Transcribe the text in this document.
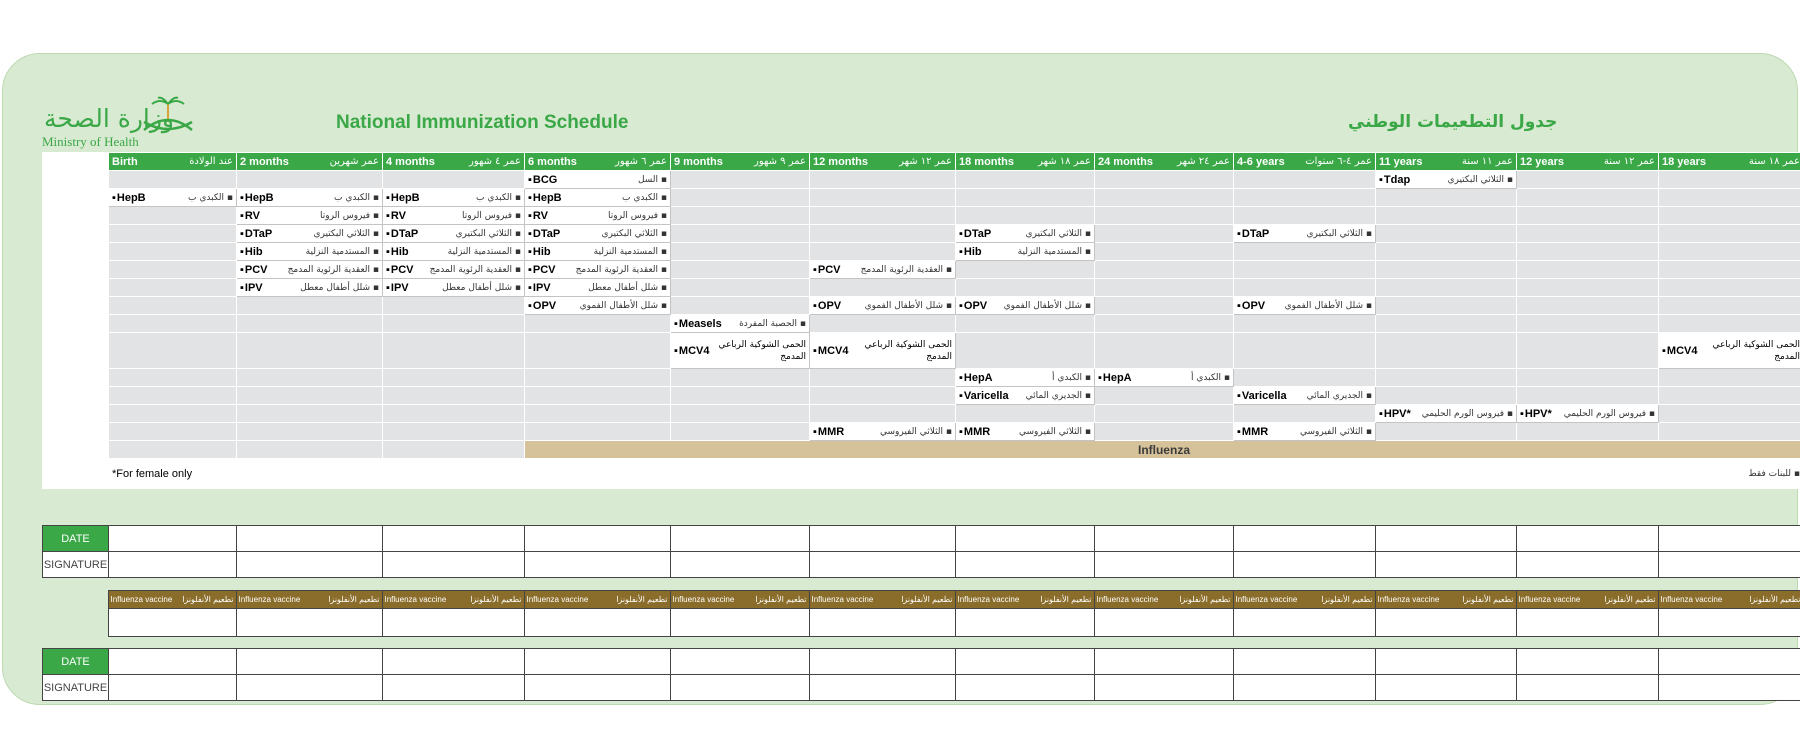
وزارة الصحة
Ministry of Health
National Immunization Schedule	جدول التطعيمات الوطني

	Birth عند الولادة	2 months عمر شهرين	4 months عمر ٤ شهور	6 months عمر ٦ شهور	9 months عمر ٩ شهور	12 months عمر ١٢ شهر	18 months عمر ١٨ شهر	24 months عمر ٢٤ شهر	4-6 years عمر ٤-٦ سنوات	11 years عمر ١١ سنة	12 years عمر ١٢ سنة	18 years عمر ١٨ سنة

				▪ BCG السل ▪						▪ Tdap الثلاثي البكتيري ▪

	▪ HepB الكبدي ب ▪	▪ HepB الكبدي ب ▪	▪ HepB الكبدي ب ▪	▪ HepB الكبدي ب ▪

		▪ RV فيروس الروتا ▪	▪ RV فيروس الروتا ▪	▪ RV فيروس الروتا ▪

		▪ DTaP الثلاثي البكتيري ▪	▪ DTaP الثلاثي البكتيري ▪	▪ DTaP الثلاثي البكتيري ▪			▪ DTaP الثلاثي البكتيري ▪		▪ DTaP الثلاثي البكتيري ▪

		▪ Hib المستدمية النزلية ▪	▪ Hib المستدمية النزلية ▪	▪ Hib المستدمية النزلية ▪			▪ Hib المستدمية النزلية ▪

		▪ PCV العقدية الرئوية المدمج ▪	▪ PCV العقدية الرئوية المدمج ▪	▪ PCV العقدية الرئوية المدمج ▪		▪ PCV العقدية الرئوية المدمج ▪

		▪ IPV شلل أطفال معطل ▪	▪ IPV شلل أطفال معطل ▪	▪ IPV شلل أطفال معطل ▪

				▪ OPV شلل الأطفال الفموي ▪		▪ OPV شلل الأطفال الفموي ▪	▪ OPV شلل الأطفال الفموي ▪		▪ OPV شلل الأطفال الفموي ▪

					▪ Measels الحصبة المفردة ▪

					▪ MCV4 الحمى الشوكية الرباعي المدمج	▪ MCV4 الحمى الشوكية الرباعي المدمج						▪ MCV4 الحمى الشوكية الرباعي المدمج

							▪ HepA الكبدي أ ▪	▪ HepA الكبدي أ ▪

							▪ Varicella الجديري المائي ▪		▪ Varicella الجديري المائي ▪

										▪ HPV* فيروس الورم الحليمي ▪	▪ HPV* فيروس الورم الحليمي ▪

						▪ MMR الثلاثي الفيروسي ▪	▪ MMR الثلاثي الفيروسي ▪		▪ MMR الثلاثي الفيروسي ▪

				Influenza								

	*For female only للبنات فقط ▪
DATE												
SIGNATURE												

	Influenza vaccine تطعيم الأنفلونزا	Influenza vaccine تطعيم الأنفلونزا	Influenza vaccine تطعيم الأنفلونزا	Influenza vaccine تطعيم الأنفلونزا	Influenza vaccine تطعيم الأنفلونزا	Influenza vaccine تطعيم الأنفلونزا	Influenza vaccine تطعيم الأنفلونزا	Influenza vaccine تطعيم الأنفلونزا	Influenza vaccine تطعيم الأنفلونزا	Influenza vaccine تطعيم الأنفلونزا	Influenza vaccine تطعيم الأنفلونزا	Influenza vaccine تطعيم الأنفلونزا

DATE												
SIGNATURE												
